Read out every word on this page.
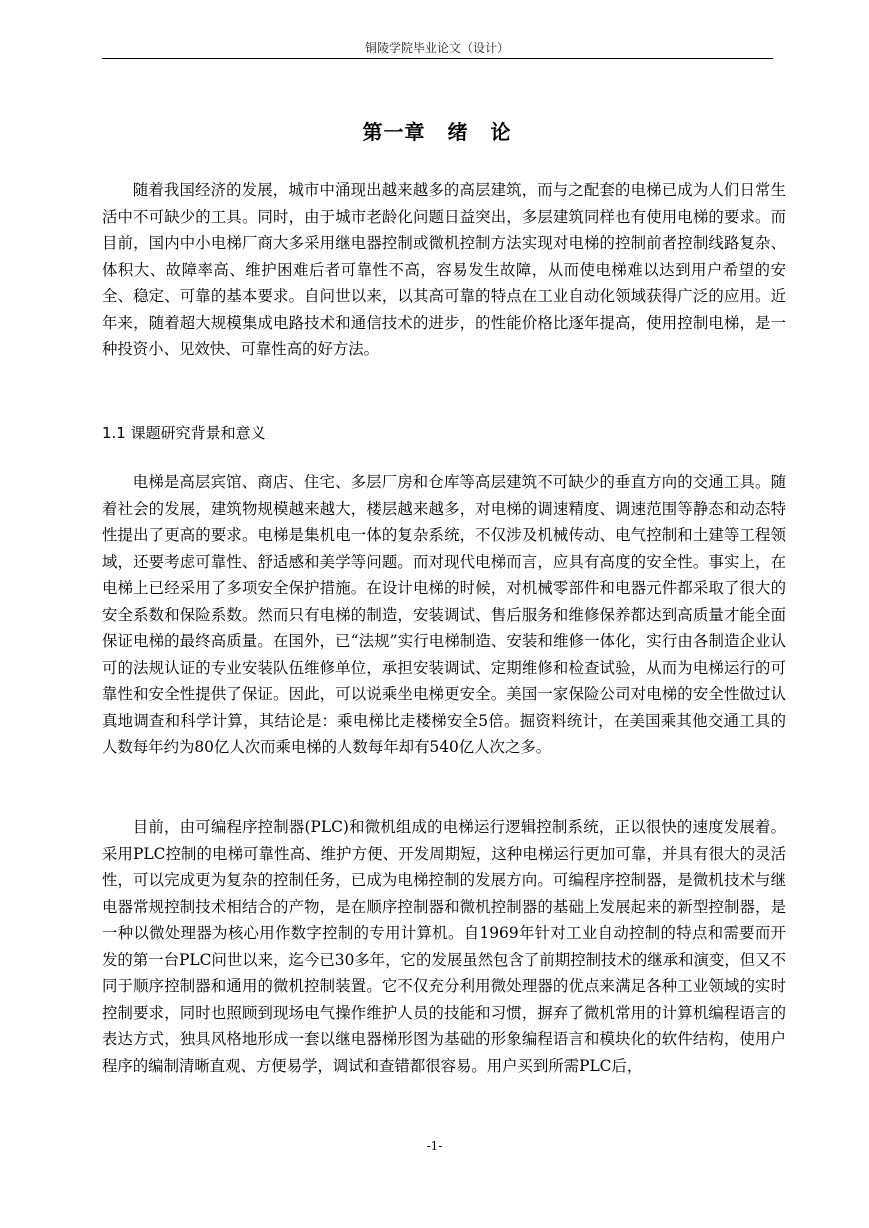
铜陵学院毕业论文（设计）
第一章 绪 论

随着我国经济的发展，城市中涌现出越来越多的高层建筑，而与之配套的电梯已成为人们日常生活中不可缺少的工具。同时，由于城市老龄化问题日益突出，多层建筑同样也有使用电梯的要求。而目前，国内中小电梯厂商大多采用继电器控制或微机控制方法实现对电梯的控制前者控制线路复杂、体积大、故障率高、维护困难后者可靠性不高，容易发生故障，从而使电梯难以达到用户希望的安全、稳定、可靠的基本要求。自问世以来，以其高可靠的特点在工业自动化领域获得广泛的应用。近年来，随着超大规模集成电路技术和通信技术的进步，的性能价格比逐年提高，使用控制电梯，是一种投资小、见效快、可靠性高的好方法。

1.1 课题研究背景和意义

电梯是高层宾馆、商店、住宅、多层厂房和仓库等高层建筑不可缺少的垂直方向的交通工具。随着社会的发展，建筑物规模越来越大，楼层越来越多，对电梯的调速精度、调速范围等静态和动态特性提出了更高的要求。电梯是集机电一体的复杂系统，不仅涉及机械传动、电气控制和土建等工程领域，还要考虑可靠性、舒适感和美学等问题。而对现代电梯而言，应具有高度的安全性。事实上，在电梯上已经采用了多项安全保护措施。在设计电梯的时候，对机械零部件和电器元件都采取了很大的安全系数和保险系数。然而只有电梯的制造，安装调试、售后服务和维修保养都达到高质量才能全面保证电梯的最终高质量。在国外，已“法规”实行电梯制造、安装和维修一体化，实行由各制造企业认可的法规认证的专业安装队伍维修单位，承担安装调试、定期维修和检查试验，从而为电梯运行的可靠性和安全性提供了保证。因此，可以说乘坐电梯更安全。美国一家保险公司对电梯的安全性做过认真地调查和科学计算，其结论是：乘电梯比走楼梯安全5倍。掘资料统计，在美国乘其他交通工具的人数每年约为80亿人次而乘电梯的人数每年却有540亿人次之多。

目前，由可编程序控制器(PLC)和微机组成的电梯运行逻辑控制系统，正以很快的速度发展着。采用PLC控制的电梯可靠性高、维护方便、开发周期短，这种电梯运行更加可靠，并具有很大的灵活性，可以完成更为复杂的控制任务，已成为电梯控制的发展方向。可编程序控制器，是微机技术与继电器常规控制技术相结合的产物，是在顺序控制器和微机控制器的基础上发展起来的新型控制器，是一种以微处理器为核心用作数字控制的专用计算机。自1969年针对工业自动控制的特点和需要而开发的第一台PLC问世以来，迄今已30多年，它的发展虽然包含了前期控制技术的继承和演变，但又不同于顺序控制器和通用的微机控制装置。它不仅充分利用微处理器的优点来满足各种工业领域的实时控制要求，同时也照顾到现场电气操作维护人员的技能和习惯，摒弃了微机常用的计算机编程语言的表达方式，独具风格地形成一套以继电器梯形图为基础的形象编程语言和模块化的软件结构，使用户程序的编制清晰直观、方便易学，调试和查错都很容易。用户买到所需PLC后，

-1-
